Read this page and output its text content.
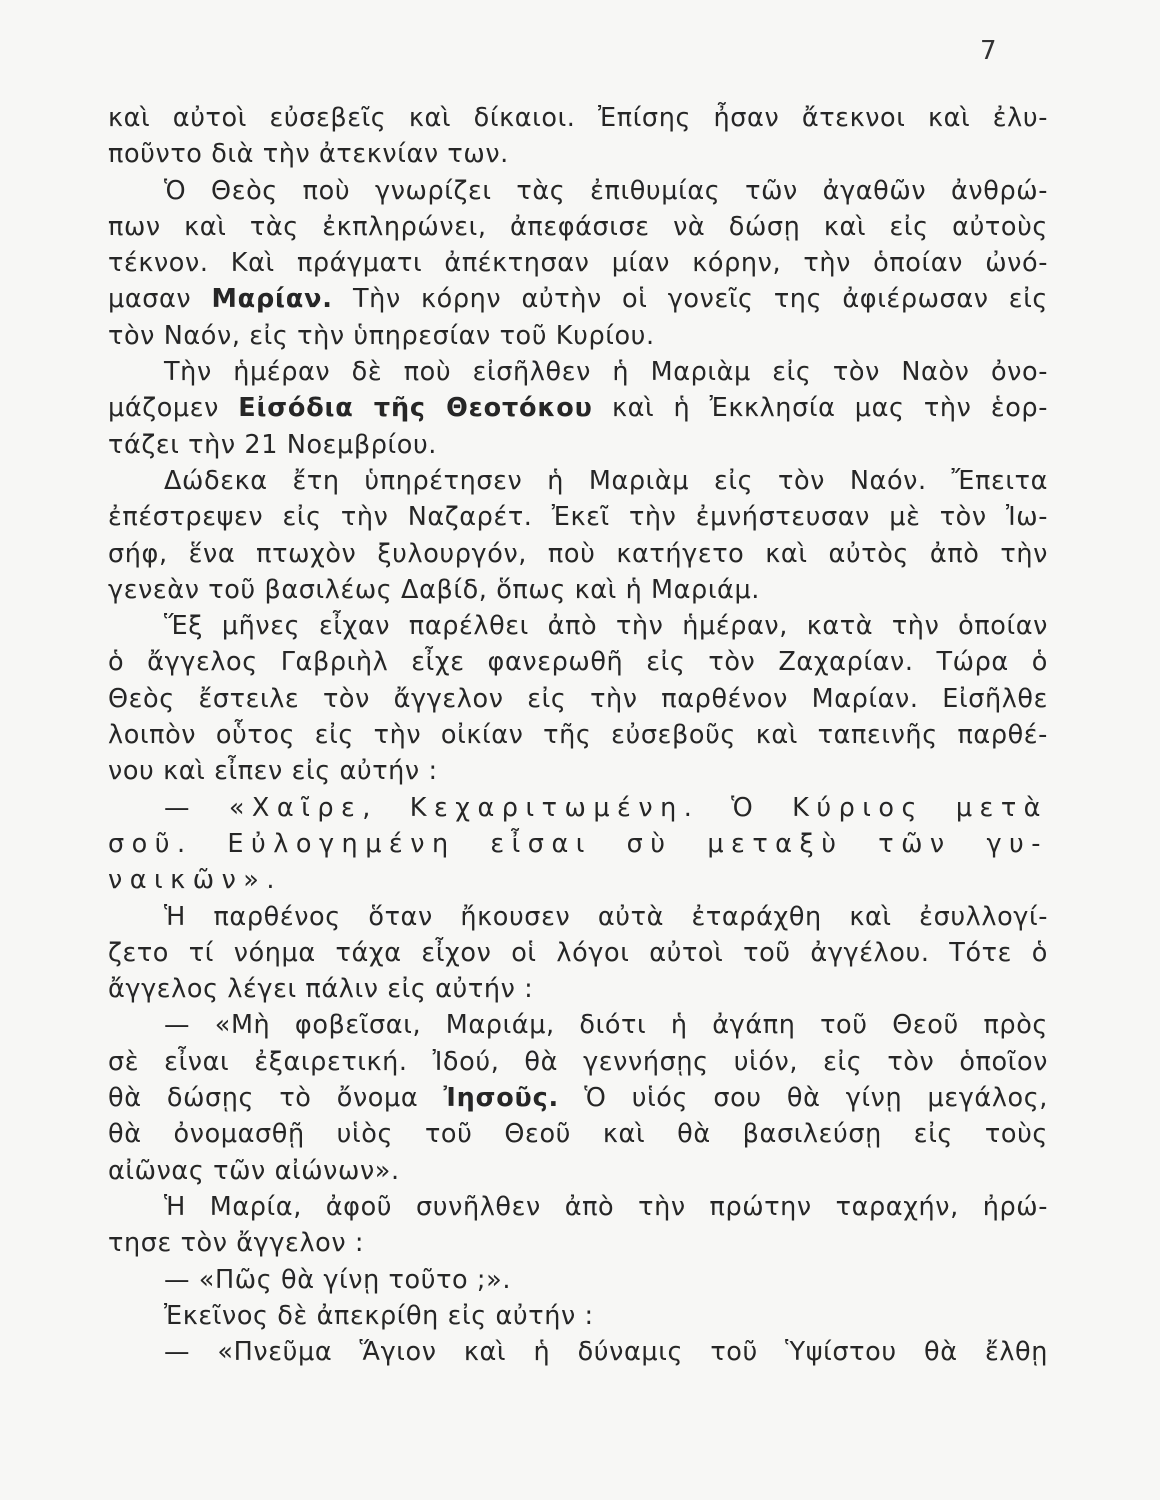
7
καὶ αὐτοὶ εὐσεβεῖς καὶ δίκαιοι. Ἐπίσης ἦσαν ἄτεκνοι καὶ ἐλυ-
ποῦντο διὰ τὴν ἀτεκνίαν των.
Ὁ Θεὸς ποὺ γνωρίζει τὰς ἐπιθυμίας τῶν ἀγαθῶν ἀνθρώ-
πων καὶ τὰς ἐκπληρώνει, ἀπεφάσισε νὰ δώσῃ καὶ εἰς αὐτοὺς
τέκνον. Καὶ πράγματι ἀπέκτησαν μίαν κόρην, τὴν ὁποίαν ὠνό-
μασαν Μαρίαν. Τὴν κόρην αὐτὴν οἱ γονεῖς της ἀφιέρωσαν εἰς
τὸν Ναόν, εἰς τὴν ὑπηρεσίαν τοῦ Κυρίου.
Τὴν ἡμέραν δὲ ποὺ εἰσῆλθεν ἡ Μαριὰμ εἰς τὸν Ναὸν ὀνο-
μάζομεν Εἰσόδια τῆς Θεοτόκου καὶ ἡ Ἐκκλησία μας τὴν ἑορ-
τάζει τὴν 21 Νοεμβρίου.
Δώδεκα ἔτη ὑπηρέτησεν ἡ Μαριὰμ εἰς τὸν Ναόν. Ἔπειτα
ἐπέστρεψεν εἰς τὴν Ναζαρέτ. Ἐκεῖ τὴν ἐμνήστευσαν μὲ τὸν Ἰω-
σήφ, ἕνα πτωχὸν ξυλουργόν, ποὺ κατήγετο καὶ αὐτὸς ἀπὸ τὴν
γενεὰν τοῦ βασιλέως Δαβίδ, ὅπως καὶ ἡ Μαριάμ.
Ἕξ μῆνες εἶχαν παρέλθει ἀπὸ τὴν ἡμέραν, κατὰ τὴν ὁποίαν
ὁ ἄγγελος Γαβριὴλ εἶχε φανερωθῆ εἰς τὸν Ζαχαρίαν. Τώρα ὁ
Θεὸς ἔστειλε τὸν ἄγγελον εἰς τὴν παρθένον Μαρίαν. Εἰσῆλθε
λοιπὸν οὗτος εἰς τὴν οἰκίαν τῆς εὐσεβοῦς καὶ ταπεινῆς παρθέ-
νου καὶ εἶπεν εἰς αὐτήν :
— «Χαῖρε, Κεχαριτωμένη. Ὁ Κύριος μετὰ
σοῦ. Εὐλογημένη εἶσαι σὺ μεταξὺ τῶν γυ-
ναικῶν».
Ἡ παρθένος ὅταν ἤκουσεν αὐτὰ ἐταράχθη καὶ ἐσυλλογί-
ζετο τί νόημα τάχα εἶχον οἱ λόγοι αὐτοὶ τοῦ ἀγγέλου. Τότε ὁ
ἄγγελος λέγει πάλιν εἰς αὐτήν :
— «Μὴ φοβεῖσαι, Μαριάμ, διότι ἡ ἀγάπη τοῦ Θεοῦ πρὸς
σὲ εἶναι ἐξαιρετική. Ἰδού, θὰ γεννήσῃς υἱόν, εἰς τὸν ὁποῖον
θὰ δώσῃς τὸ ὄνομα Ἰησοῦς. Ὁ υἱός σου θὰ γίνῃ μεγάλος,
θὰ ὀνομασθῇ υἱὸς τοῦ Θεοῦ καὶ θὰ βασιλεύσῃ εἰς τοὺς
αἰῶνας τῶν αἰώνων».
Ἡ Μαρία, ἀφοῦ συνῆλθεν ἀπὸ τὴν πρώτην ταραχήν, ἠρώ-
τησε τὸν ἄγγελον :
— «Πῶς θὰ γίνῃ τοῦτο ;».
Ἐκεῖνος δὲ ἀπεκρίθη εἰς αὐτήν :
— «Πνεῦμα Ἅγιον καὶ ἡ δύναμις τοῦ Ὑψίστου θὰ ἔλθῃ
